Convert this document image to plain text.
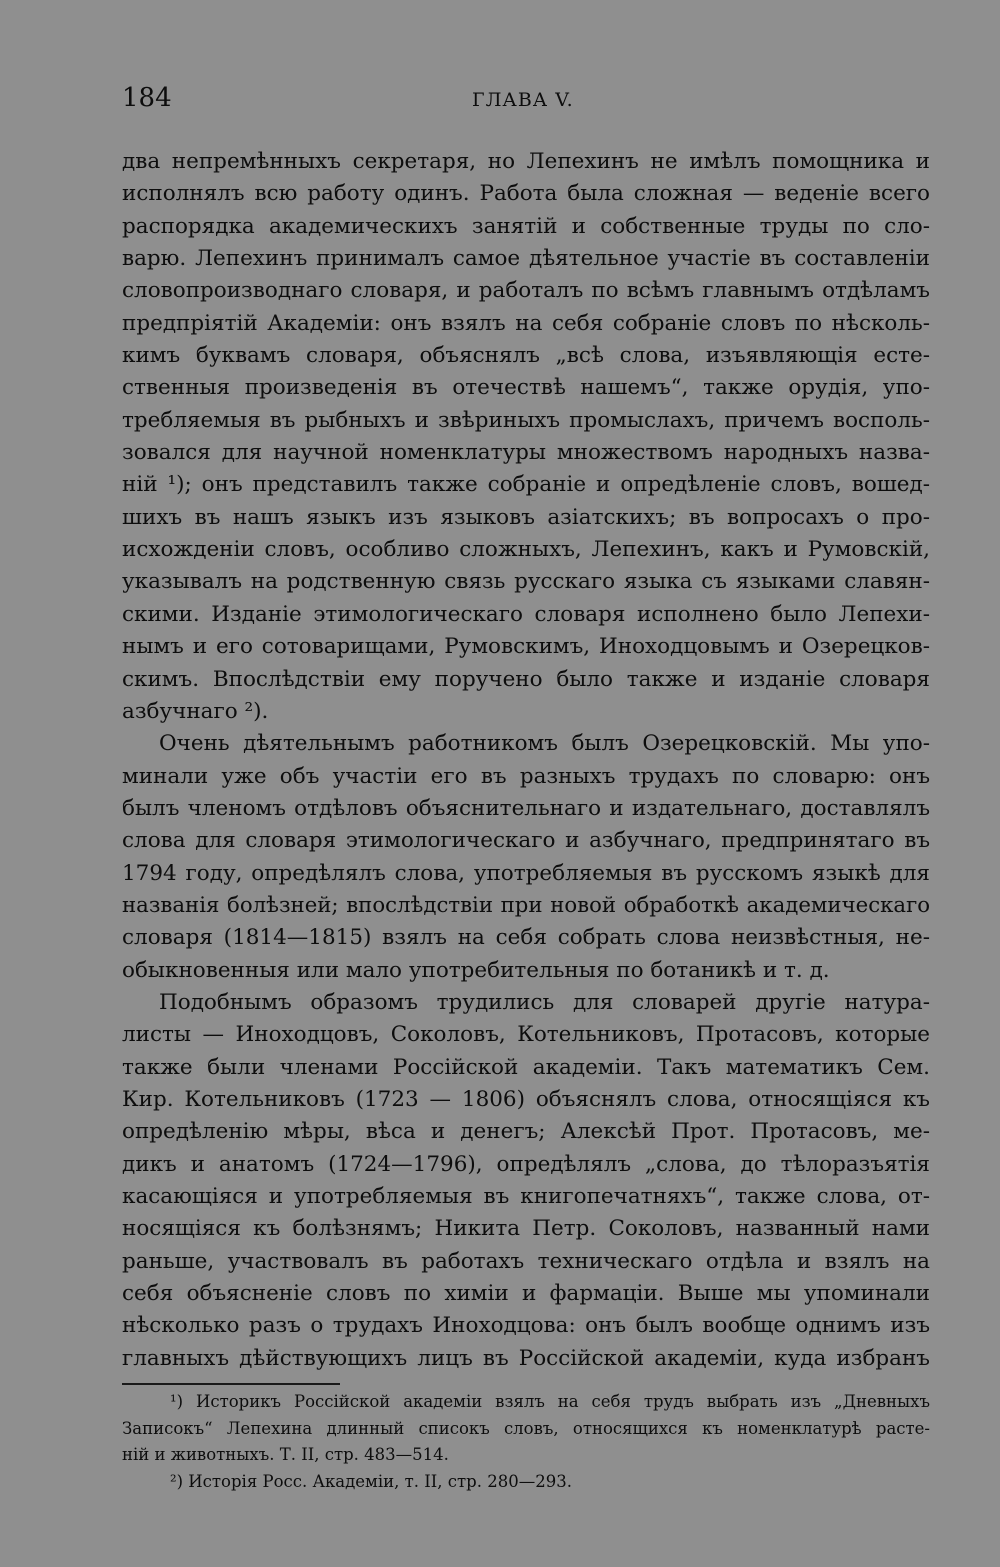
184	ГЛАВА V.
два непремѣнныхъ секретаря, но Лепехинъ не имѣлъ помощника и
исполнялъ всю работу одинъ. Работа была сложная — веденіе всего
распорядка академическихъ занятій и собственные труды по сло-
варю. Лепехинъ принималъ самое дѣятельное участіе въ составленіи
словопроизводнаго словаря, и работалъ по всѣмъ главнымъ отдѣламъ
предпріятій Академіи: онъ взялъ на себя собраніе словъ по нѣсколь-
кимъ буквамъ словаря, объяснялъ „всѣ слова, изъявляющія есте-
ственныя произведенія въ отечествѣ нашемъ“, также орудія, упо-
требляемыя въ рыбныхъ и звѣриныхъ промыслахъ, причемъ восполь-
зовался для научной номенклатуры множествомъ народныхъ назва-
ній ¹); онъ представилъ также собраніе и опредѣленіе словъ, вошед-
шихъ въ нашъ языкъ изъ языковъ азіатскихъ; въ вопросахъ о про-
исхожденіи словъ, особливо сложныхъ, Лепехинъ, какъ и Румовскій,
указывалъ на родственную связь русскаго языка съ языками славян-
скими. Изданіе этимологическаго словаря исполнено было Лепехи-
нымъ и его сотоварищами, Румовскимъ, Иноходцовымъ и Озерецков-
скимъ. Впослѣдствіи ему поручено было также и изданіе словаря
азбучнаго ²).
Очень дѣятельнымъ работникомъ былъ Озерецковскій. Мы упо-
минали уже объ участіи его въ разныхъ трудахъ по словарю: онъ
былъ членомъ отдѣловъ объяснительнаго и издательнаго, доставлялъ
слова для словаря этимологическаго и азбучнаго, предпринятаго въ
1794 году, опредѣлялъ слова, употребляемыя въ русскомъ языкѣ для
названія болѣзней; впослѣдствіи при новой обработкѣ академическаго
словаря (1814—1815) взялъ на себя собрать слова неизвѣстныя, не-
обыкновенныя или мало употребительныя по ботаникѣ и т. д.
Подобнымъ образомъ трудились для словарей другіе натура-
листы — Иноходцовъ, Соколовъ, Котельниковъ, Протасовъ, которые
также были членами Россійской академіи. Такъ математикъ Сем.
Кир. Котельниковъ (1723 — 1806) объяснялъ слова, относящіяся къ
опредѣленію мѣры, вѣса и денегъ; Алексѣй Прот. Протасовъ, ме-
дикъ и анатомъ (1724—1796), опредѣлялъ „слова, до тѣлоразъятія
касающіяся и употребляемыя въ книгопечатняхъ“, также слова, от-
носящіяся къ болѣзнямъ; Никита Петр. Соколовъ, названный нами
раньше, участвовалъ въ работахъ техническаго отдѣла и взялъ на
себя объясненіе словъ по химіи и фармаціи. Выше мы упоминали
нѣсколько разъ о трудахъ Иноходцова: онъ былъ вообще однимъ изъ
главныхъ дѣйствующихъ лицъ въ Россійской академіи, куда избранъ
¹) Историкъ Россійской академіи взялъ на себя трудъ выбрать изъ „Дневныхъ
Записокъ“ Лепехина длинный списокъ словъ, относящихся къ номенклатурѣ расте-
ній и животныхъ. Т. II, стр. 483—514.
²) Исторія Росс. Академіи, т. II, стр. 280—293.
